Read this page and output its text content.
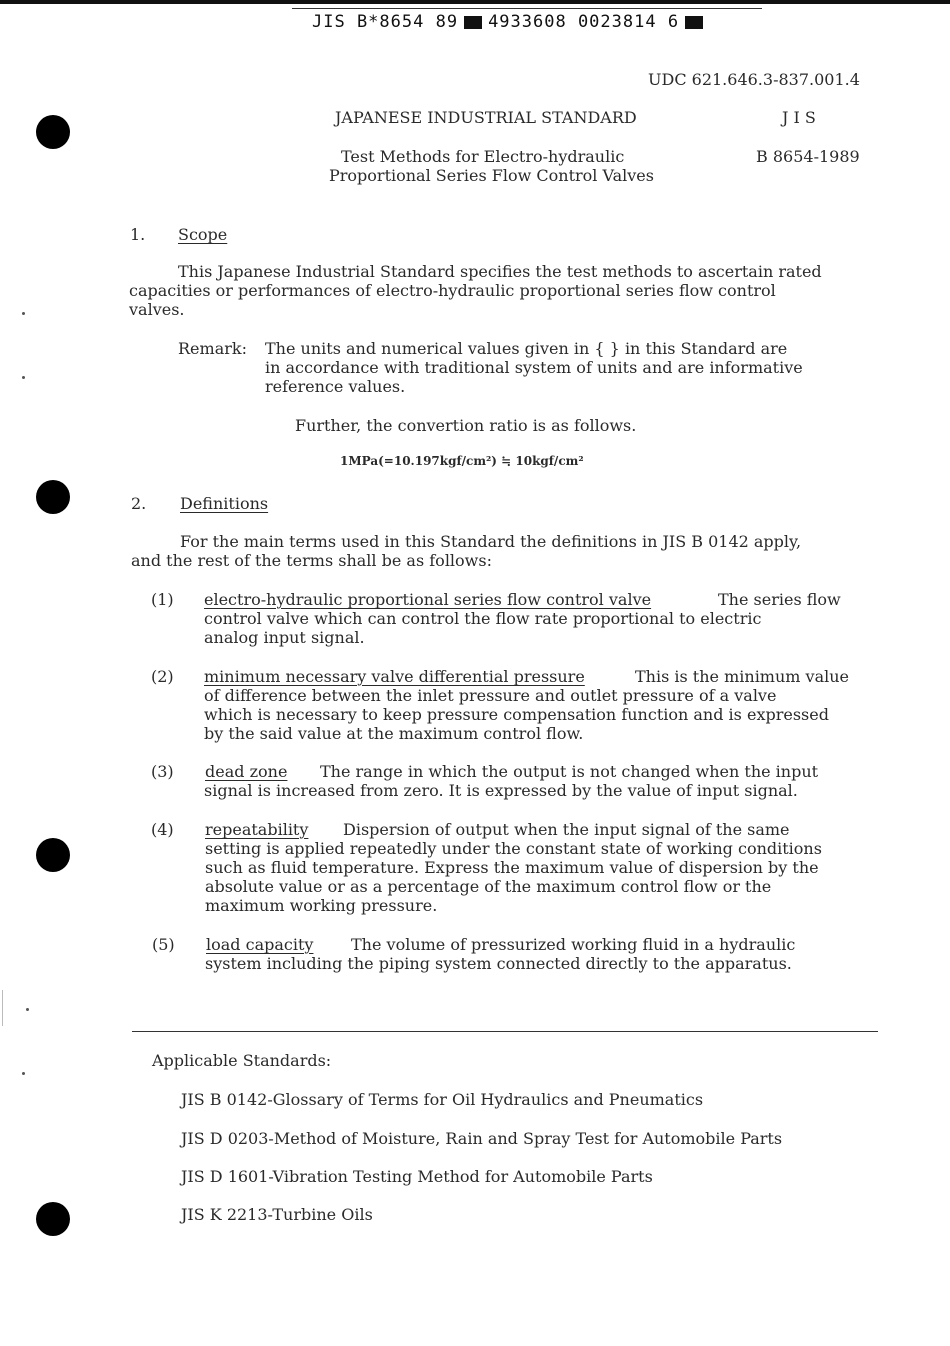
JIS B*8654 89 4933608 0023814 6
UDC 621.646.3-837.001.4
JAPANESE INDUSTRIAL STANDARD	J I S
Test Methods for Electro-hydraulic
Proportional Series Flow Control Valves
B 8654-1989
1. Scope
This Japanese Industrial Standard specifies the test methods to ascertain rated
capacities or performances of electro-hydraulic proportional series flow control
valves.
Remark: The units and numerical values given in { } in this Standard are
in accordance with traditional system of units and are informative
reference values.
Further, the convertion ratio is as follows.
1MPa(=10.197kgf/cm²) ≒ 10kgf/cm²
2. Definitions
For the main terms used in this Standard the definitions in JIS B 0142 apply,
and the rest of the terms shall be as follows:
(1) electro-hydraulic proportional series flow control valve	The series flow
control valve which can control the flow rate proportional to electric
analog input signal.
(2) minimum necessary valve differential pressure	This is the minimum value
of difference between the inlet pressure and outlet pressure of a valve
which is necessary to keep pressure compensation function and is expressed
by the said value at the maximum control flow.
(3) dead zone The range in which the output is not changed when the input
signal is increased from zero. It is expressed by the value of input signal.
(4) repeatability Dispersion of output when the input signal of the same
setting is applied repeatedly under the constant state of working conditions
such as fluid temperature. Express the maximum value of dispersion by the
absolute value or as a percentage of the maximum control flow or the
maximum working pressure.
(5) load capacity The volume of pressurized working fluid in a hydraulic
system including the piping system connected directly to the apparatus.
Applicable Standards:
JIS B 0142-Glossary of Terms for Oil Hydraulics and Pneumatics
JIS D 0203-Method of Moisture, Rain and Spray Test for Automobile Parts
JIS D 1601-Vibration Testing Method for Automobile Parts
JIS K 2213-Turbine Oils
